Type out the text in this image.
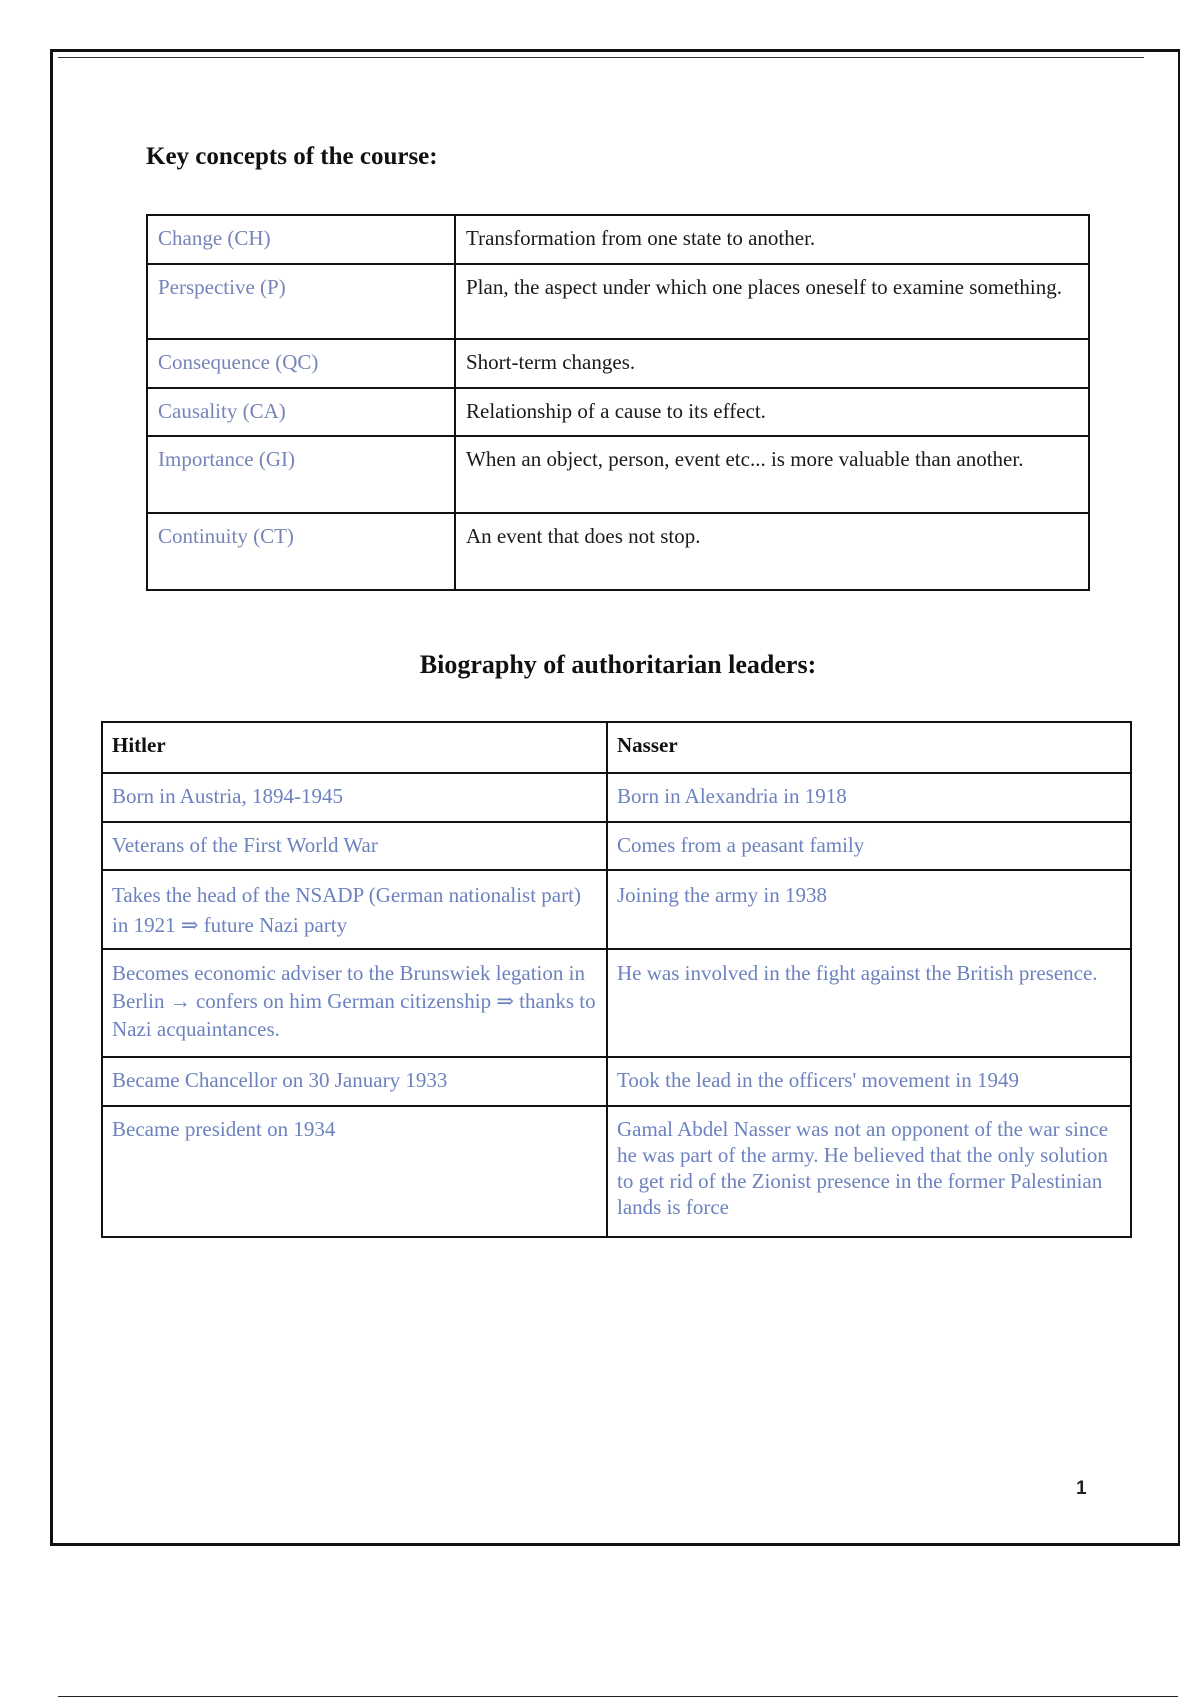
Key concepts of the course:
Change (CH)	Transformation from one state to another.
Perspective (P)	Plan, the aspect under which one places oneself to examine something.
Consequence (QC)	Short-term changes.
Causality (CA)	Relationship of a cause to its effect.
Importance (GI)	When an object, person, event etc... is more valuable than another.
Continuity (CT)	An event that does not stop.
Biography of authoritarian leaders:
Hitler	Nasser
Born in Austria, 1894-1945	Born in Alexandria in 1918
Veterans of the First World War	Comes from a peasant family
Takes the head of the NSADP (German nationalist part) in 1921 ⇒ future Nazi party	Joining the army in 1938
Becomes economic adviser to the Brunswiek legation in Berlin → confers on him German citizenship ⇒ thanks to Nazi acquaintances.	He was involved in the fight against the British presence.
Became Chancellor on 30 January 1933	Took the lead in the officers' movement in 1949
Became president on 1934	Gamal Abdel Nasser was not an opponent of the war since he was part of the army. He believed that the only solution to get rid of the Zionist presence in the former Palestinian lands is force
1
